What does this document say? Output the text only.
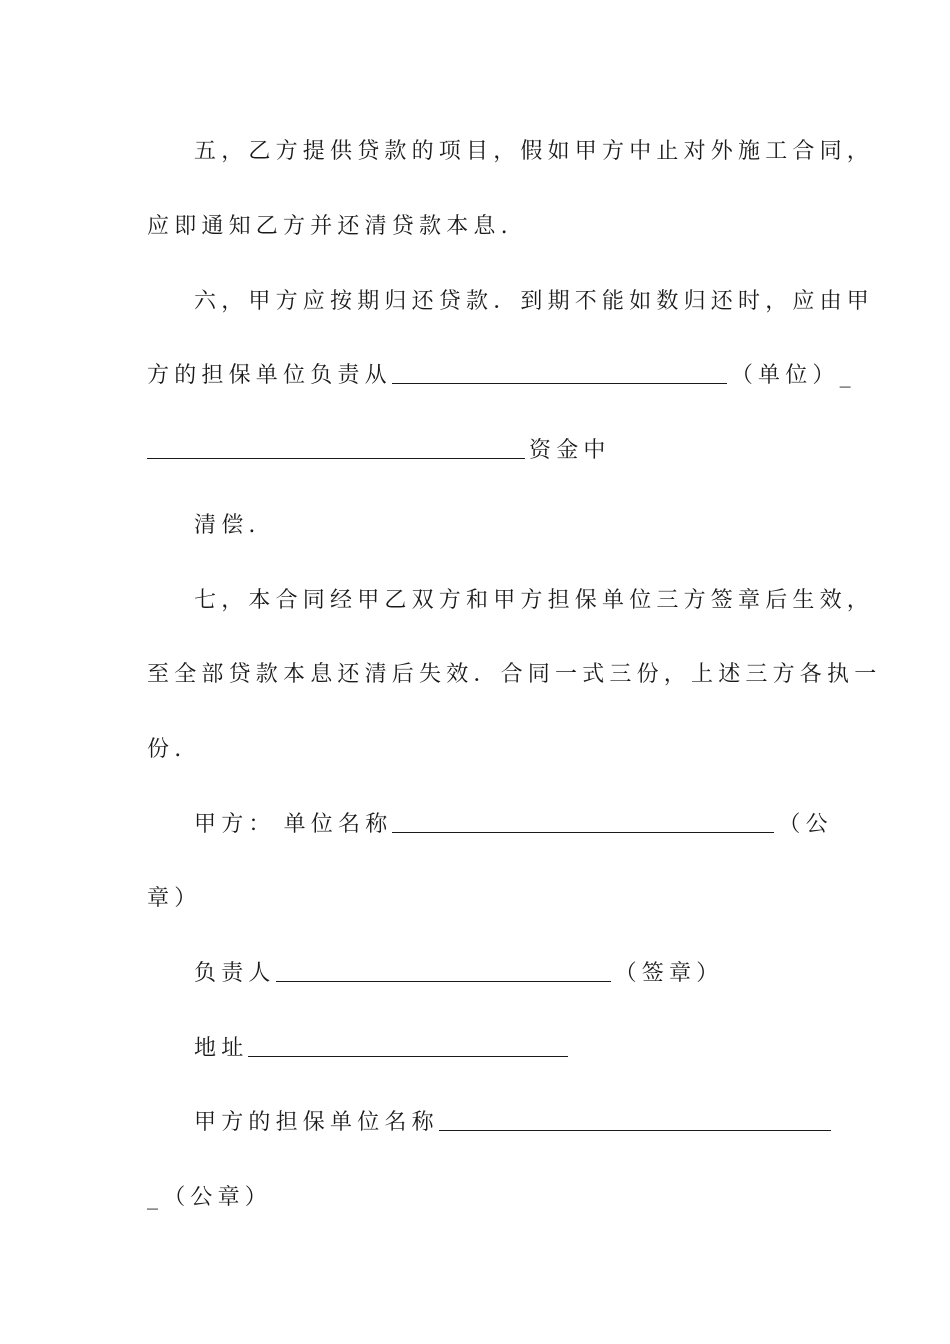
五，乙方提供贷款的项目，假如甲方中止对外施工合同，
应即通知乙方并还清贷款本息.
六，甲方应按期归还贷款．到期不能如数归还时，应由甲
方的担保单位负责从	（单位）_
资金中
清偿.
七，本合同经甲乙双方和甲方担保单位三方签章后生效，
至全部贷款本息还清后失效．合同一式三份，上述三方各执一
份.
甲方： 单位名称	（公
章）
负责人	（签章）
地址
甲方的担保单位名称
_（公章）
